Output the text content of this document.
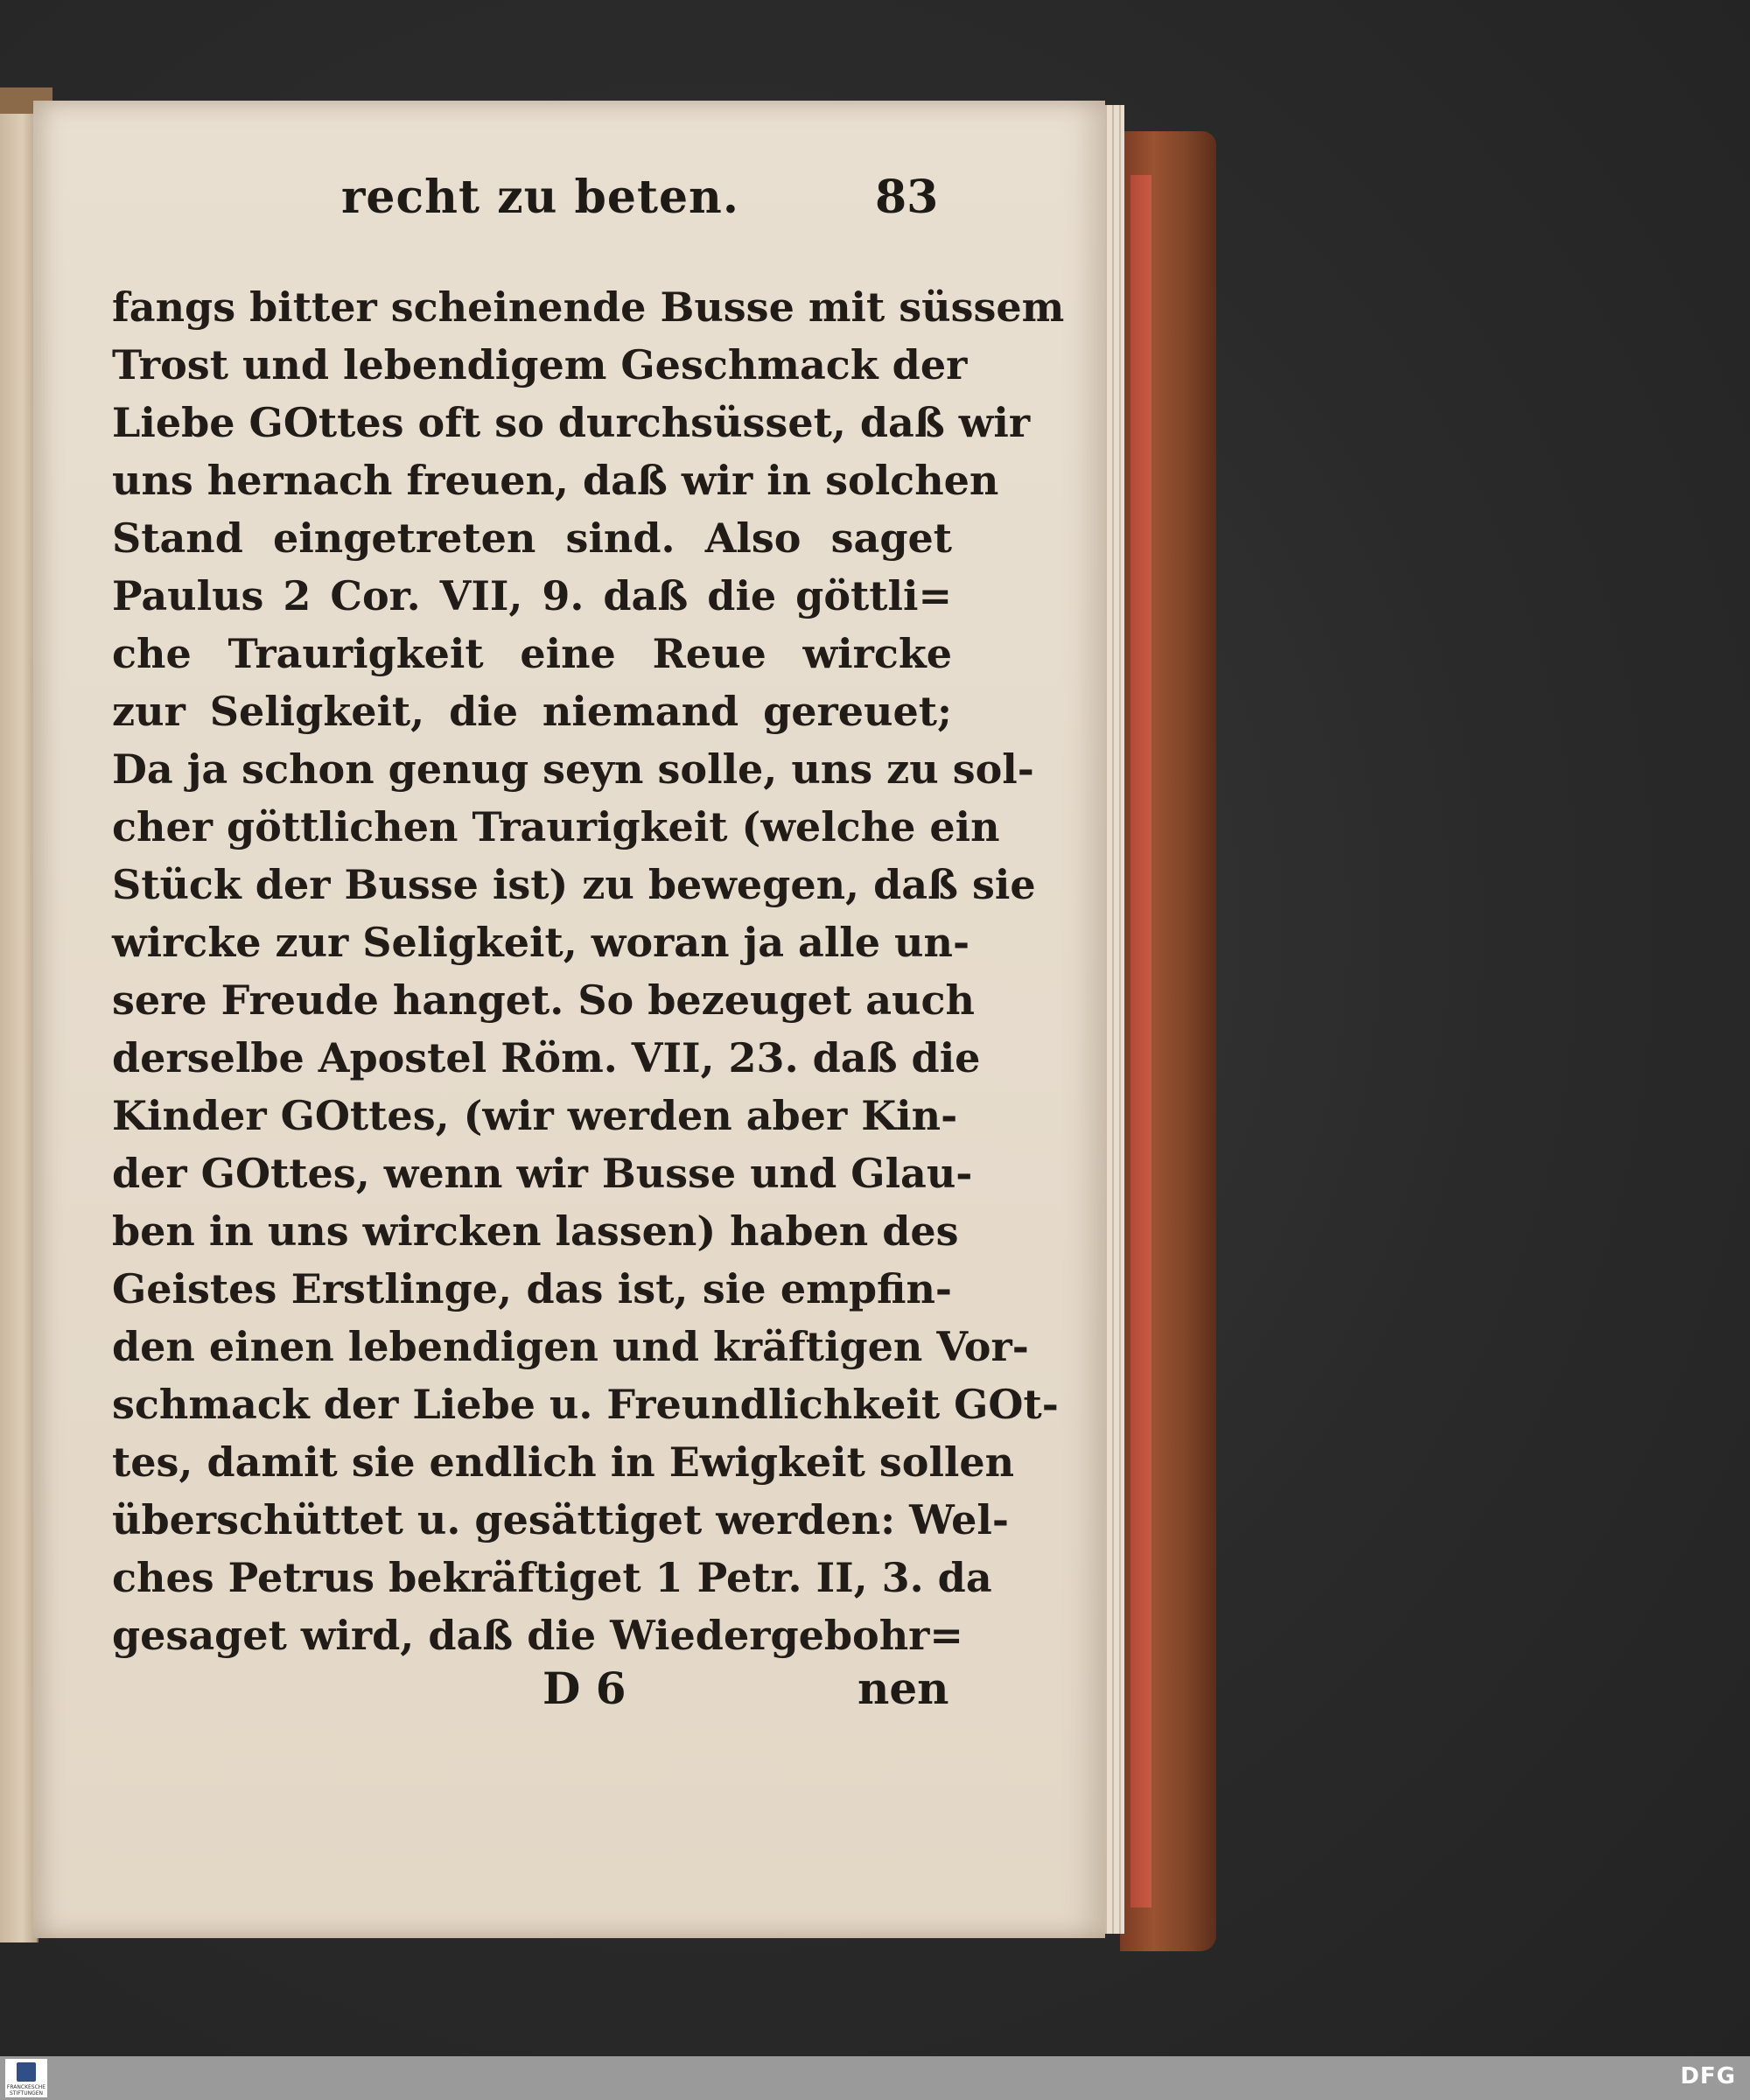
recht zu beten.	83
fangs bitter scheinende Busse mit süssem
Trost und lebendigem Geschmack der
Liebe GOttes oft so durchsüsset, daß wir
uns hernach freuen, daß wir in solchen
Stand eingetreten sind. Also saget
Paulus 2 Cor. VII, 9. daß die göttli=
che Traurigkeit eine Reue wircke
zur Seligkeit, die niemand gereuet;
Da ja schon genug seyn solle, uns zu sol-
cher göttlichen Traurigkeit (welche ein
Stück der Busse ist) zu bewegen, daß sie
wircke zur Seligkeit, woran ja alle un-
sere Freude hanget. So bezeuget auch
derselbe Apostel Röm. VII, 23. daß die
Kinder GOttes, (wir werden aber Kin-
der GOttes, wenn wir Busse und Glau-
ben in uns wircken lassen) haben des
Geistes Erstlinge, das ist, sie empfin-
den einen lebendigen und kräftigen Vor-
schmack der Liebe u. Freundlichkeit GOt-
tes, damit sie endlich in Ewigkeit sollen
überschüttet u. gesättiget werden: Wel-
ches Petrus bekräftiget 1 Petr. II, 3. da
gesaget wird, daß die Wiedergebohr=
D 6	nen
FRANCKESCHE STIFTUNGEN
DFG
